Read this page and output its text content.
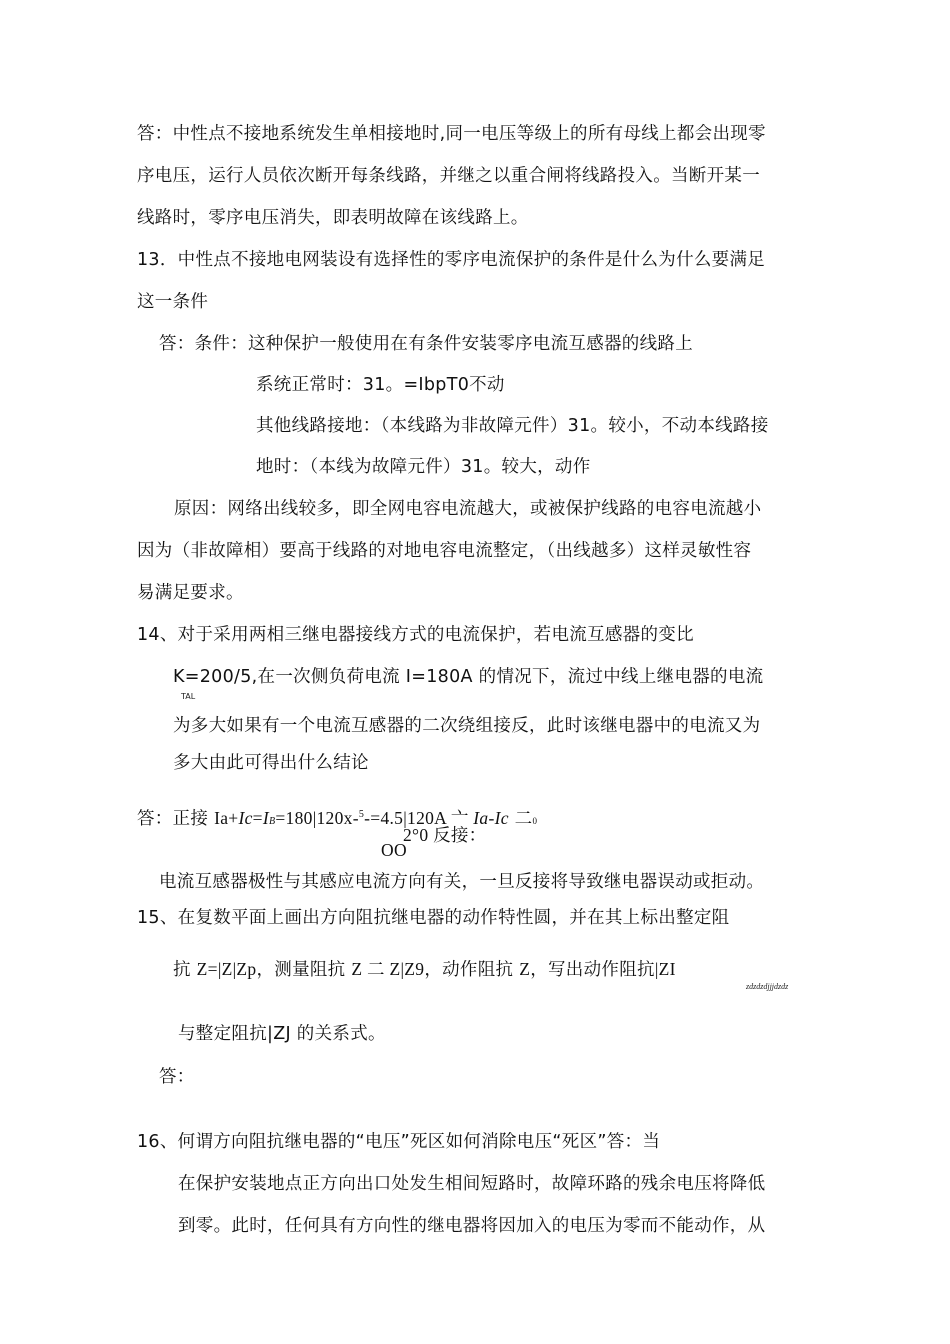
答：中性点不接地系统发生单相接地时,同一电压等级上的所有母线上都会出现零
序电压，运行人员依次断开每条线路，并继之以重合闸将线路投入。当断开某一
线路时，零序电压消失，即表明故障在该线路上。
13．中性点不接地电网装设有选择性的零序电流保护的条件是什么为什么要满足
这一条件
答：条件：这种保护一般使用在有条件安装零序电流互感器的线路上
系统正常时：31。=IbpT0不动
其他线路接地：（本线路为非故障元件）31。较小，不动本线路接
地时：（本线为故障元件）31。较大，动作
原因：网络出线较多，即全网电容电流越大，或被保护线路的电容电流越小
因为（非故障相）要高于线路的对地电容电流整定，（出线越多）这样灵敏性容
易满足要求。
14、对于采用两相三继电器接线方式的电流保护，若电流互感器的变比
K=200/5,在一次侧负荷电流 I=180A 的情况下，流过中线上继电器的电流
TAL
为多大如果有一个电流互感器的二次绕组接反，此时该继电器中的电流又为
多大由此可得出什么结论
答：正接 Ia+Ic=IB=180|120x-$^5$-=4.5|120A 亠 Ia-Ic 二0
2°0 反接：
OO
电流互感器极性与其感应电流方向有关，一旦反接将导致继电器误动或拒动。
15、在复数平面上画出方向阻抗继电器的动作特性圆，并在其上标出整定阻
抗 Z=|Z|Zp，测量阻抗 Z 二 Z|Z9，动作阻抗 Z，写出动作阻抗|ZI
zdzdzdjjjdzdz
与整定阻抗|ZJ 的关系式。
答：
16、何谓方向阻抗继电器的“电压”死区如何消除电压“死区”答：当
在保护安装地点正方向出口处发生相间短路时，故障环路的残余电压将降低
到零。此时，任何具有方向性的继电器将因加入的电压为零而不能动作，从
